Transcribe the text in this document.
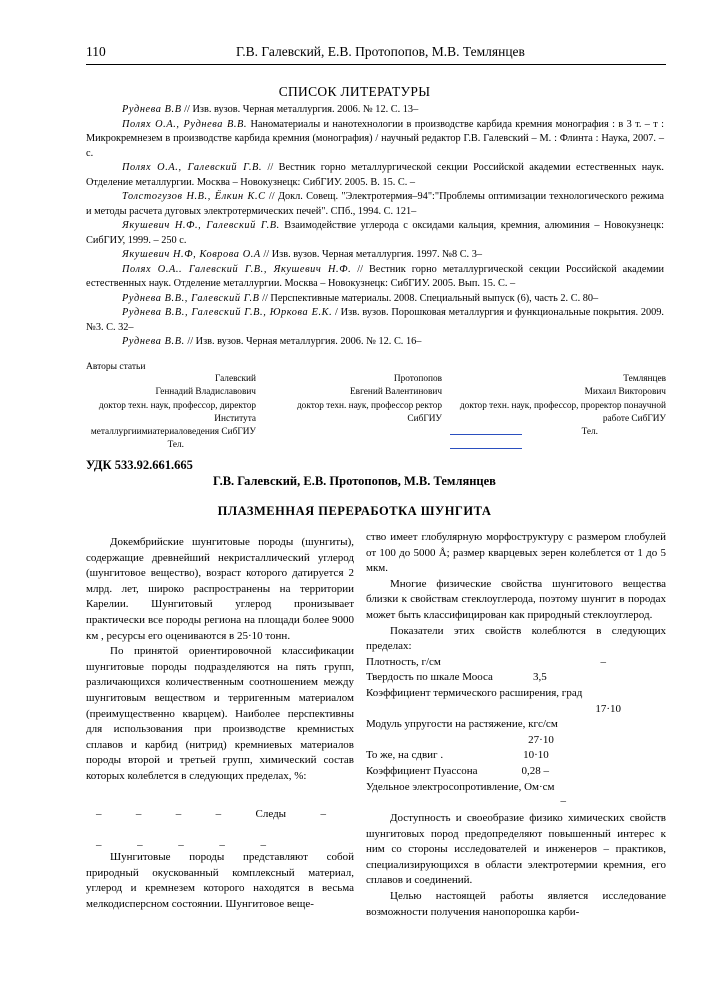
110	Г.В. Галевский, Е.В. Протопопов, М.В. Темлянцев
СПИСОК ЛИТЕРАТУРЫ

Руднева В.В // Изв. вузов. Черная металлургия. 2006. № 12. С. 13–

Полях О.А., Руднева В.В. Наноматериалы и нанотехнологии в производстве карбида кремния монография : в 3 т. – т : Микрокремнезем в производстве карбида кремния (монография) / научный редактор Г.В. Галевский – М. : Флинта : Наука, 2007. – с.

Полях О.А., Галевский Г.В. // Вестник горно металлургической секции Российской академии естественных наук. Отделение металлургии. Москва – Новокузнецк: СибГИУ. 2005. В. 15. С. –

Толстогузов Н.В., Ёлкин К.С // Докл. Совещ. "Электротермия–94":"Проблемы оптимизации технологического режима и методы расчета дуговых электротермических печей". СПб., 1994. С. 121–

Якушевич Н.Ф., Галевский Г.В. Взаимодействие углерода с оксидами кальция, кремния, алюминия – Новокузнецк: СибГИУ, 1999. – 250 с.

Якушевич Н.Ф, Коврова О.А // Изв. вузов. Черная металлургия. 1997. №8 С. 3–

Полях О.А.. Галевский Г.В., Якушевич Н.Ф. // Вестник горно металлургической секции Российской академии естественных наук. Отделение металлургии. Москва – Новокузнецк: СибГИУ. 2005. Вып. 15. С. –

Руднева В.В., Галевский Г.В // Перспективные материалы. 2008. Специальный выпуск (6), часть 2. С. 80–

Руднева В.В., Галевский Г.В., Юркова Е.К. / Изв. вузов. Порошковая металлургия и функциональные покрытия. 2009. №3. С. 32–

Руднева В.В. // Изв. вузов. Черная металлургия. 2006. № 12. С. 16–

Авторы статьи
Галевский
Геннадий Владиславович
доктор техн. наук, профессор, директор Института металлургиимиатериаловедения СибГИУ
Тел.
Протопопов
Евгений Валентинович
доктор техн. наук, профессор ректор СибГИУ
Темлянцев
Михаил Викторович
доктор техн. наук, профессор, проректор понаучной работе СибГИУ
Тел.
УДК 533.92.661.665
Г.В. Галевский, Е.В. Протопопов, М.В. Темлянцев
ПЛАЗМЕННАЯ ПЕРЕРАБОТКА ШУНГИТА

Докембрийские шунгитовые породы (шунгиты), содержащие древнейший некристаллический углерод (шунгитовое вещество), возраст которого датируется 2 млрд. лет, широко распространены на территории Карелии. Шунгитовый углерод пронизывает практически все породы региона на площади более 9000 км , ресурсы его оцениваются в 25·10 тонн.

По принятой ориентировочной классификации шунгитовые породы подразделяются на пять групп, различающихся количественным соотношением между шунгитовым веществом и терригенным материалом (преимущественно кварцем). Наиболее перспективны для использования при производстве кремнистых сплавов и карбид (нитрид) кремниевых материалов породы второй и третьей групп, химический состав которых колеблется в следующих пределах, %:

–	–	–	–	Следы	–
–	–	–	–	–

Шунгитовые породы представляют собой природный окускованный комплексный материал, углерод и кремнезем которого находятся в весьма мелкодисперсном состоянии. Шунгитовое веще-

ство имеет глобулярную морфоструктуру с размером глобулей от 100 до 5000 Å; размер кварцевых зерен колеблется от 1 до 5 мкм.

Многие физические свойства шунгитового вещества близки к свойствам стеклоуглерода, поэтому шунгит в породах может быть классифицирован как природный стеклоуглерод.

Показатели этих свойств колеблются в следующих пределах:

Плотность, г/см	–
Твердость по шкале Мооса	3,5
Коэффициент термического расширения, град
17·10
Модуль упругости на растяжение, кгс/см
27·10
То же, на сдвиг .	10·10
Коэффициент Пуассона	0,28 –
Удельное электросопротивление, Ом·см
–

Доступность и своеобразие физико химических свойств шунгитовых пород предопределяют повышенный интерес к ним со стороны исследователей и инженеров – практиков, специализирующихся в области электротермии кремния, его сплавов и соединений.

Целью настоящей работы является исследование возможности получения нанопорошка карби-
